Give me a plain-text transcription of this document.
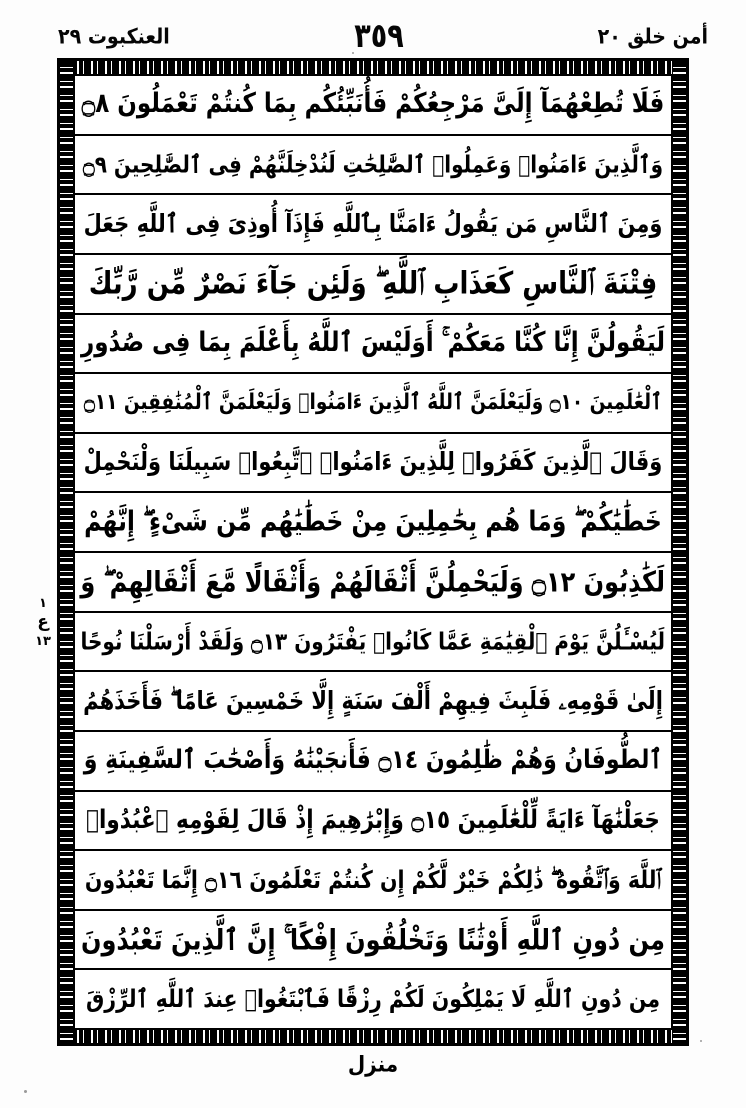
العنكبوت ٢٩	٣٥٩	أمن خلق ٢٠
فَلَا تُطِعْهُمَآ إِلَىَّ مَرْجِعُكُمْ فَأُنَبِّئُكُم بِمَا كُنتُمْ تَعْمَلُونَ ۝٨
وَٱلَّذِينَ ءَامَنُوا۟ وَعَمِلُوا۟ ٱلصَّٰلِحَٰتِ لَنُدْخِلَنَّهُمْ فِى ٱلصَّٰلِحِينَ ۝٩
وَمِنَ ٱلنَّاسِ مَن يَقُولُ ءَامَنَّا بِٱللَّهِ فَإِذَآ أُوذِىَ فِى ٱللَّهِ جَعَلَ
فِتْنَةَ ٱلنَّاسِ كَعَذَابِ ٱللَّهِ ۖ وَلَئِن جَآءَ نَصْرٌ مِّن رَّبِّكَ
لَيَقُولُنَّ إِنَّا كُنَّا مَعَكُمْ ۚ أَوَلَيْسَ ٱللَّهُ بِأَعْلَمَ بِمَا فِى صُدُورِ
ٱلْعَٰلَمِينَ ۝١٠ وَلَيَعْلَمَنَّ ٱللَّهُ ٱلَّذِينَ ءَامَنُوا۟ وَلَيَعْلَمَنَّ ٱلْمُنَٰفِقِينَ ۝١١
وَقَالَ ٱلَّذِينَ كَفَرُوا۟ لِلَّذِينَ ءَامَنُوا۟ ٱتَّبِعُوا۟ سَبِيلَنَا وَلْنَحْمِلْ
خَطَٰيَٰكُمْ ۖ وَمَا هُم بِحَٰمِلِينَ مِنْ خَطَٰيَٰهُم مِّن شَىْءٍ ۖ إِنَّهُمْ
لَكَٰذِبُونَ ۝١٢ وَلَيَحْمِلُنَّ أَثْقَالَهُمْ وَأَثْقَالًا مَّعَ أَثْقَالِهِمْ ۖ وَ
لَيُسْـَٔلُنَّ يَوْمَ ٱلْقِيَٰمَةِ عَمَّا كَانُوا۟ يَفْتَرُونَ ۝١٣ وَلَقَدْ أَرْسَلْنَا نُوحًا
إِلَىٰ قَوْمِهِۦ فَلَبِثَ فِيهِمْ أَلْفَ سَنَةٍ إِلَّا خَمْسِينَ عَامًا ۖ فَأَخَذَهُمُ
ٱلطُّوفَانُ وَهُمْ ظَٰلِمُونَ ۝١٤ فَأَنجَيْنَٰهُ وَأَصْحَٰبَ ٱلسَّفِينَةِ وَ
جَعَلْنَٰهَآ ءَايَةً لِّلْعَٰلَمِينَ ۝١٥ وَإِبْرَٰهِيمَ إِذْ قَالَ لِقَوْمِهِ ٱعْبُدُوا۟
ٱللَّهَ وَٱتَّقُوهُ ۖ ذَٰلِكُمْ خَيْرٌ لَّكُمْ إِن كُنتُمْ تَعْلَمُونَ ۝١٦ إِنَّمَا تَعْبُدُونَ
مِن دُونِ ٱللَّهِ أَوْثَٰنًا وَتَخْلُقُونَ إِفْكًا ۚ إِنَّ ٱلَّذِينَ تَعْبُدُونَ
مِن دُونِ ٱللَّهِ لَا يَمْلِكُونَ لَكُمْ رِزْقًا فَٱبْتَغُوا۟ عِندَ ٱللَّهِ ٱلرِّزْقَ
١
ع
١٣
منزل
